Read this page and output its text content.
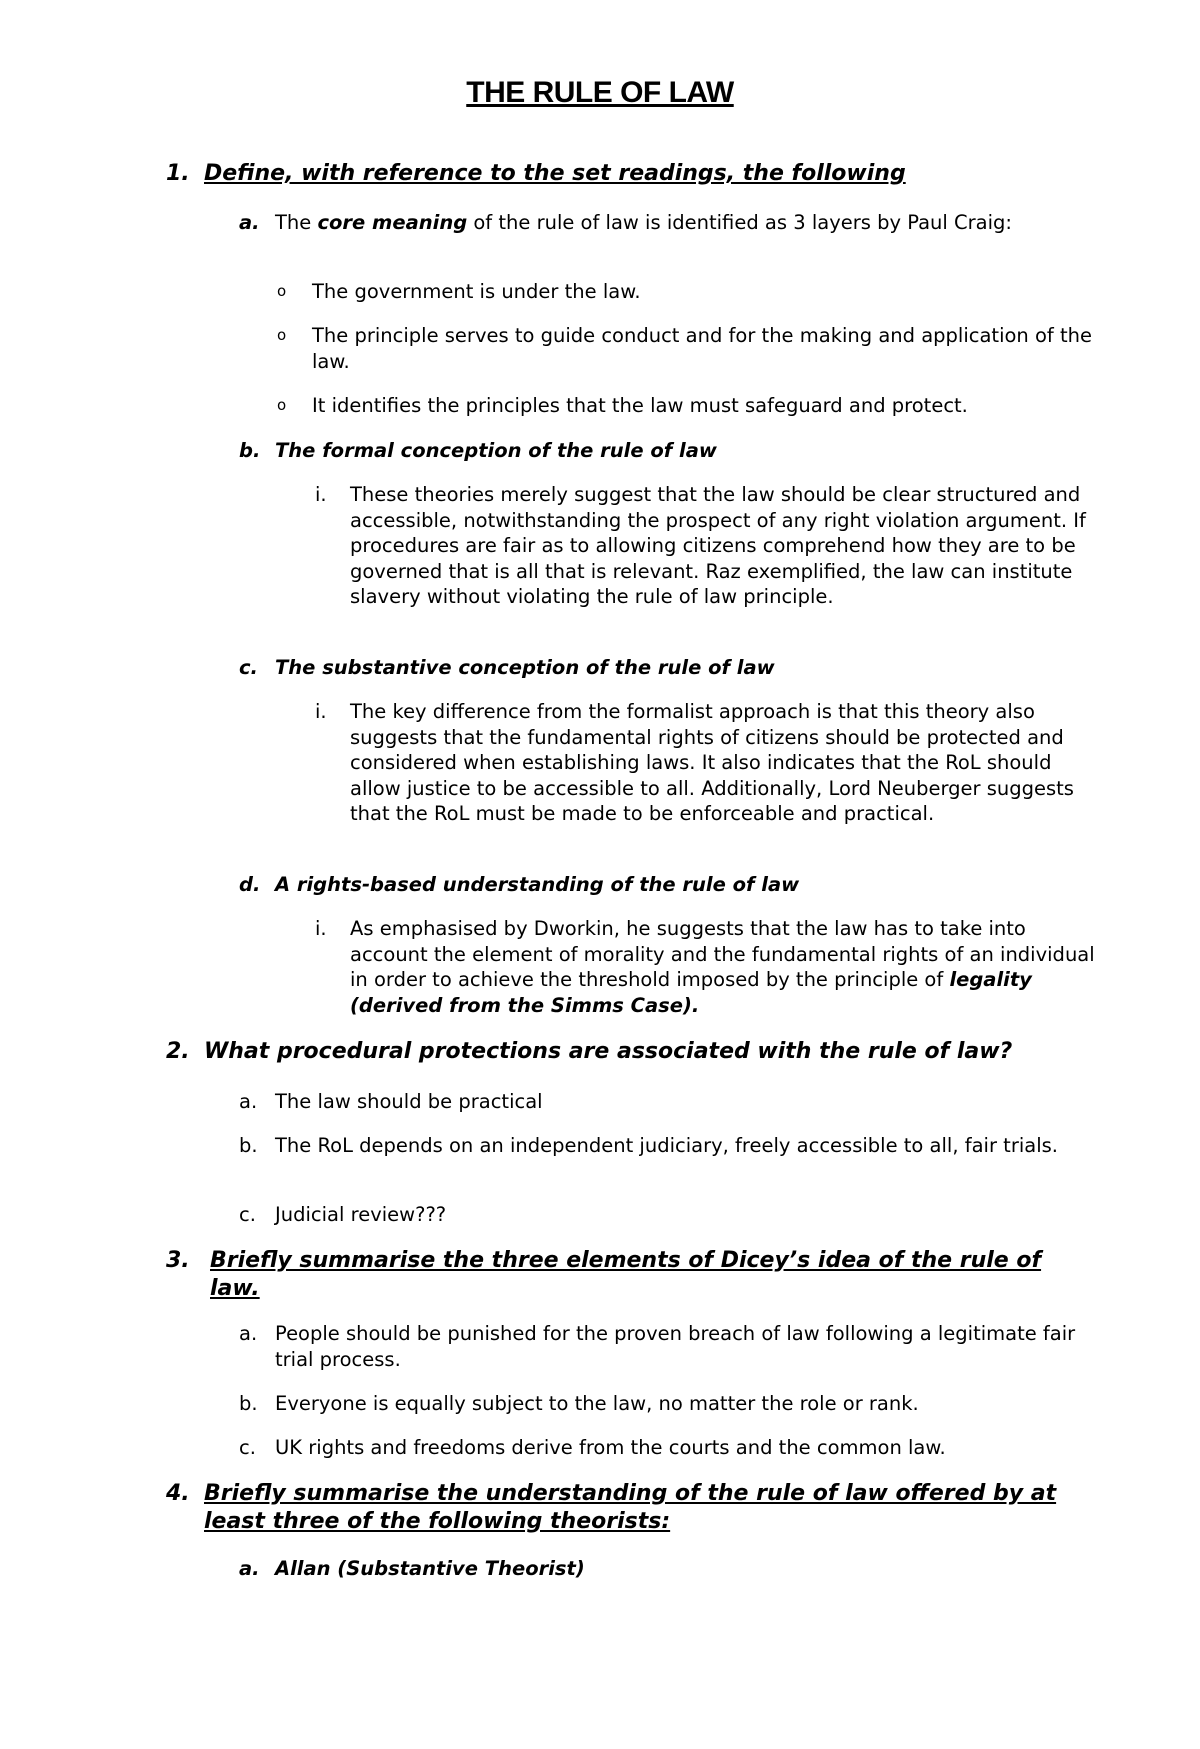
THE RULE OF LAW
1. Define, with reference to the set readings, the following
a. The core meaning of the rule of law is identified as 3 layers by Paul Craig:
o The government is under the law.
o The principle serves to guide conduct and for the making and application of the law.
o It identifies the principles that the law must safeguard and protect.
b. The formal conception of the rule of law
i. These theories merely suggest that the law should be clear structured and accessible, notwithstanding the prospect of any right violation argument. If procedures are fair as to allowing citizens comprehend how they are to be governed that is all that is relevant. Raz exemplified, the law can institute slavery without violating the rule of law principle.
c. The substantive conception of the rule of law
i. The key difference from the formalist approach is that this theory also suggests that the fundamental rights of citizens should be protected and considered when establishing laws. It also indicates that the RoL should allow justice to be accessible to all. Additionally, Lord Neuberger suggests that the RoL must be made to be enforceable and practical.
d. A rights-based understanding of the rule of law
i. As emphasised by Dworkin, he suggests that the law has to take into account the element of morality and the fundamental rights of an individual in order to achieve the threshold imposed by the principle of legality (derived from the Simms Case).
2. What procedural protections are associated with the rule of law?
a. The law should be practical
b. The RoL depends on an independent judiciary, freely accessible to all, fair trials.
c. Judicial review???
3. Briefly summarise the three elements of Dicey’s idea of the rule of law.
a. People should be punished for the proven breach of law following a legitimate fair trial process.
b. Everyone is equally subject to the law, no matter the role or rank.
c. UK rights and freedoms derive from the courts and the common law.
4. Briefly summarise the understanding of the rule of law offered by at least three of the following theorists:
a. Allan (Substantive Theorist)
